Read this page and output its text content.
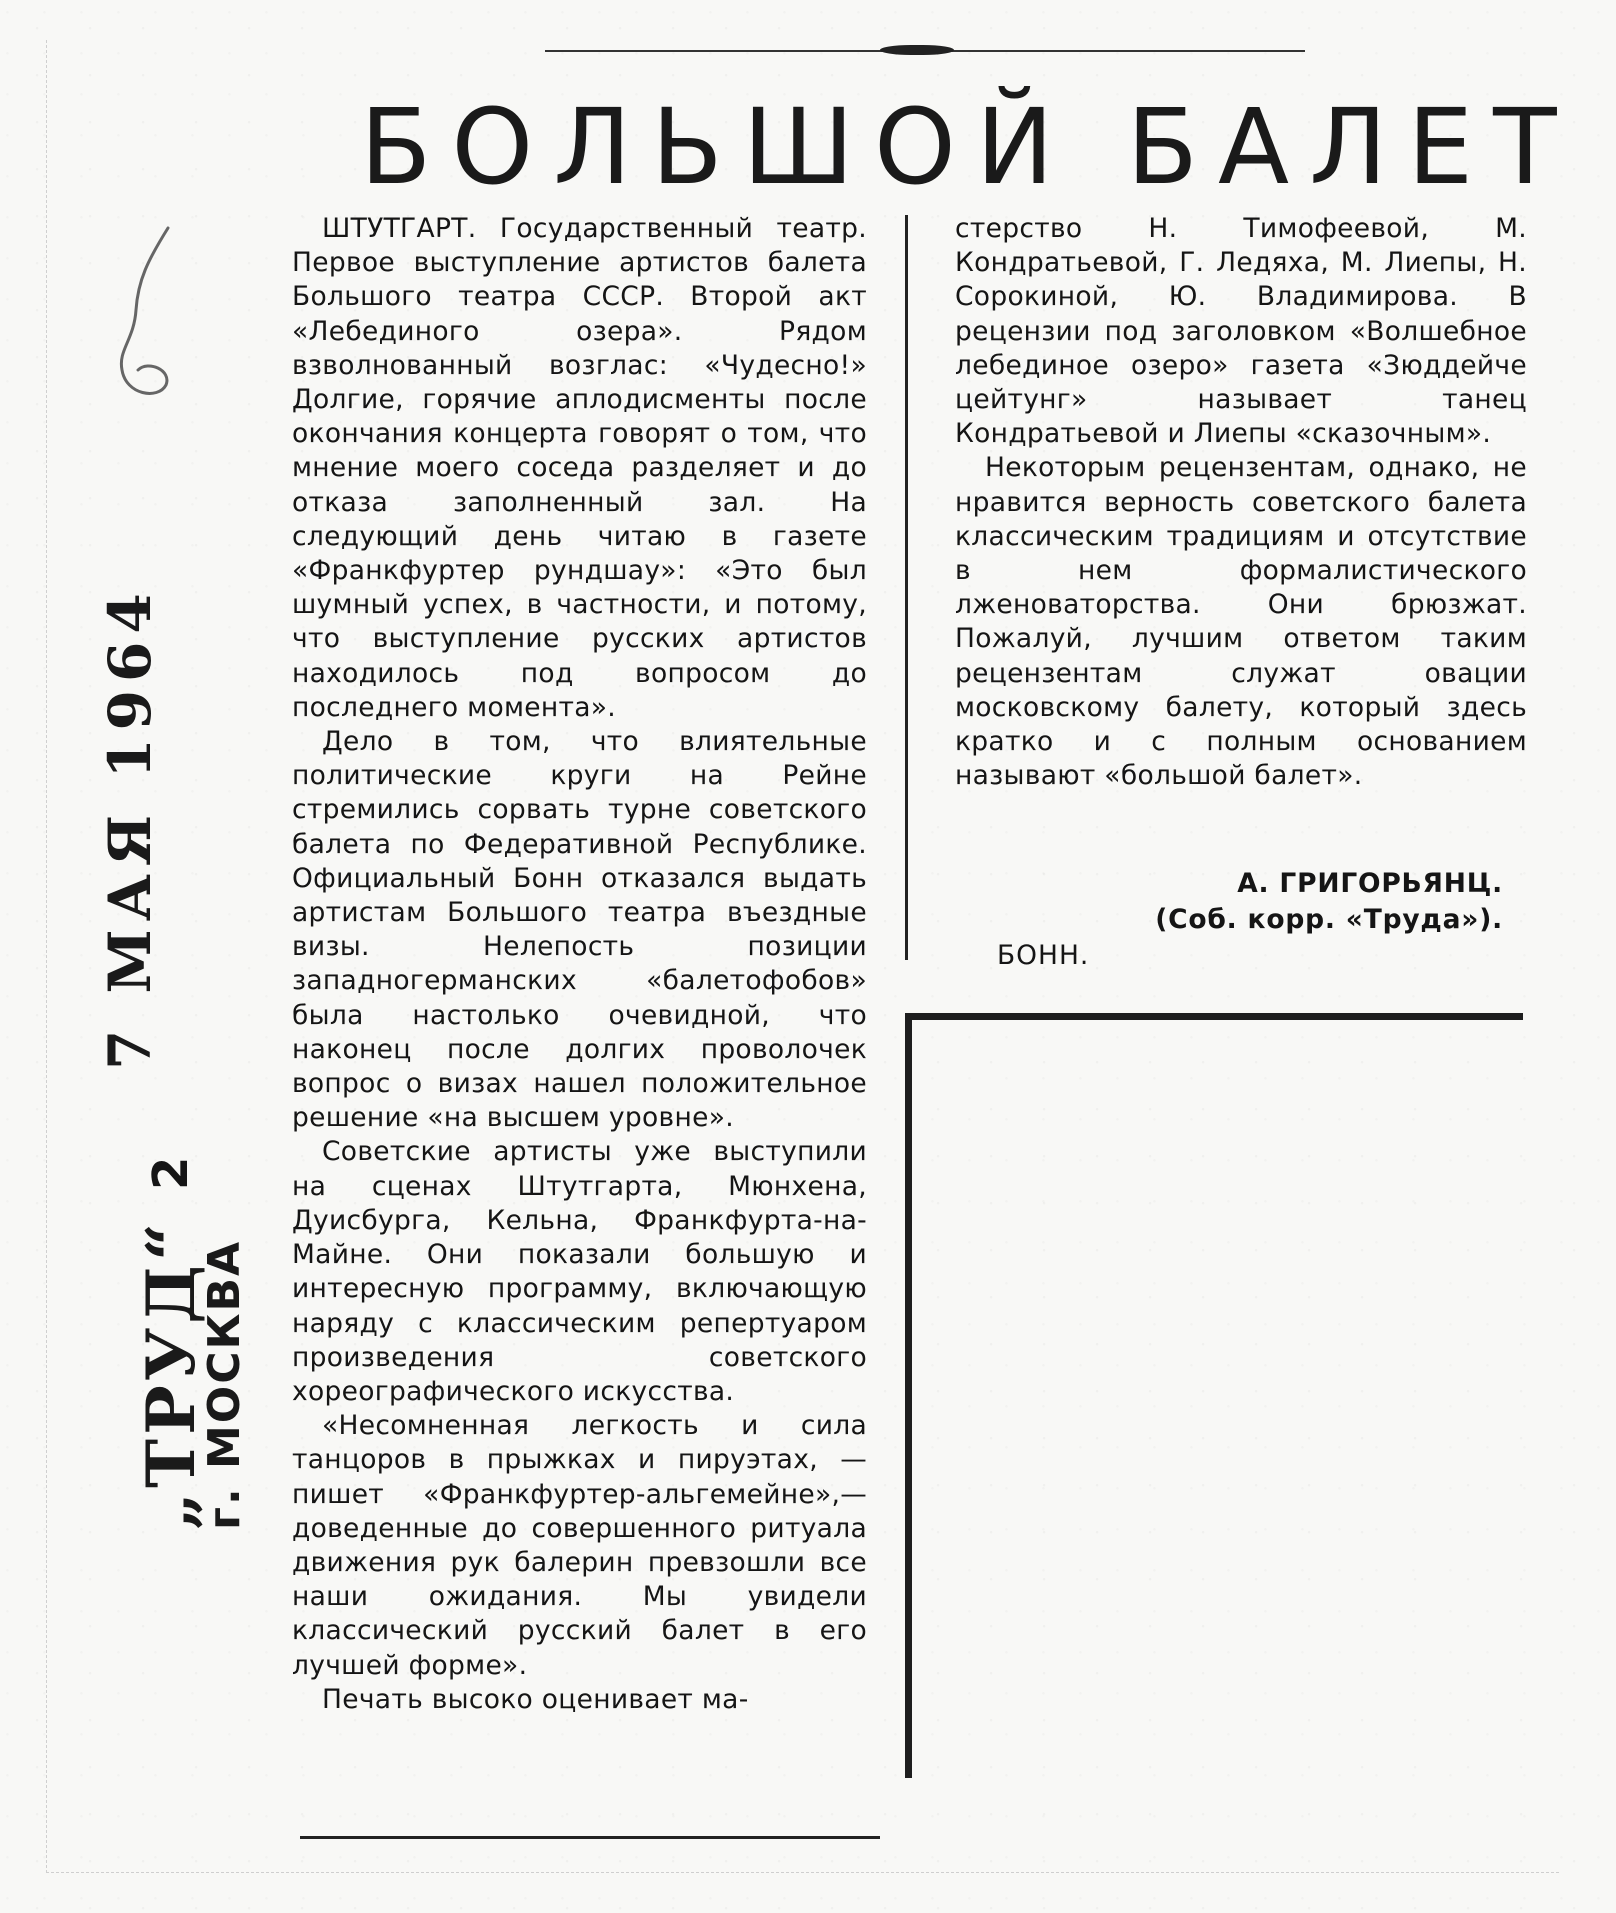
БОЛЬШОЙ БАЛЕТ

ШТУТГАРТ. Государственный театр. Первое выступление артистов балета Большого театра СССР. Второй акт «Лебединого озера». Рядом взволнованный возглас: «Чудесно!» Долгие, горячие аплодисменты после окончания концерта говорят о том, что мнение моего соседа разделяет и до отказа заполненный зал. На следующий день читаю в газете «Франкфуртер рундшау»: «Это был шумный успех, в частности, и потому, что выступление русских артистов находилось под вопросом до последнего момента».

Дело в том, что влиятельные политические круги на Рейне стремились сорвать турне советского балета по Федеративной Республике. Официальный Бонн отказался выдать артистам Большого театра въездные визы. Нелепость позиции западногерманских «балетофобов» была настолько очевидной, что наконец после долгих проволочек вопрос о визах нашел положительное решение «на высшем уровне».

Советские артисты уже выступили на сценах Штутгарта, Мюнхена, Дуисбурга, Кельна, Франкфурта-на-Майне. Они показали большую и интересную программу, включающую наряду с классическим репертуаром произведения советского хореографического искусства.

«Несомненная легкость и сила танцоров в прыжках и пируэтах, —пишет «Франкфуртер-альгемейне»,—доведенные до совершенного ритуала движения рук балерин превзошли все наши ожидания. Мы увидели классический русский балет в его лучшей форме».

Печать высоко оценивает ма-

стерство Н. Тимофеевой, М. Кондратьевой, Г. Ледяха, М. Лиепы, Н. Сорокиной, Ю. Владимирова. В рецензии под заголовком «Волшебное лебединое озеро» газета «Зюддейче цейтунг» называет танец Кондратьевой и Лиепы «сказочным».

Некоторым рецензентам, однако, не нравится верность советского балета классическим традициям и отсутствие в нем формалистического лженоваторства. Они брюзжат. Пожалуй, лучшим ответом таким рецензентам служат овации московскому балету, который здесь кратко и с полным основанием называют «большой балет».

А. ГРИГОРЬЯНЦ.
(Соб. корр. «Труда»).
БОНН.
„ТРУД“
г. МОСКВА
2
7 МАЯ 1964
